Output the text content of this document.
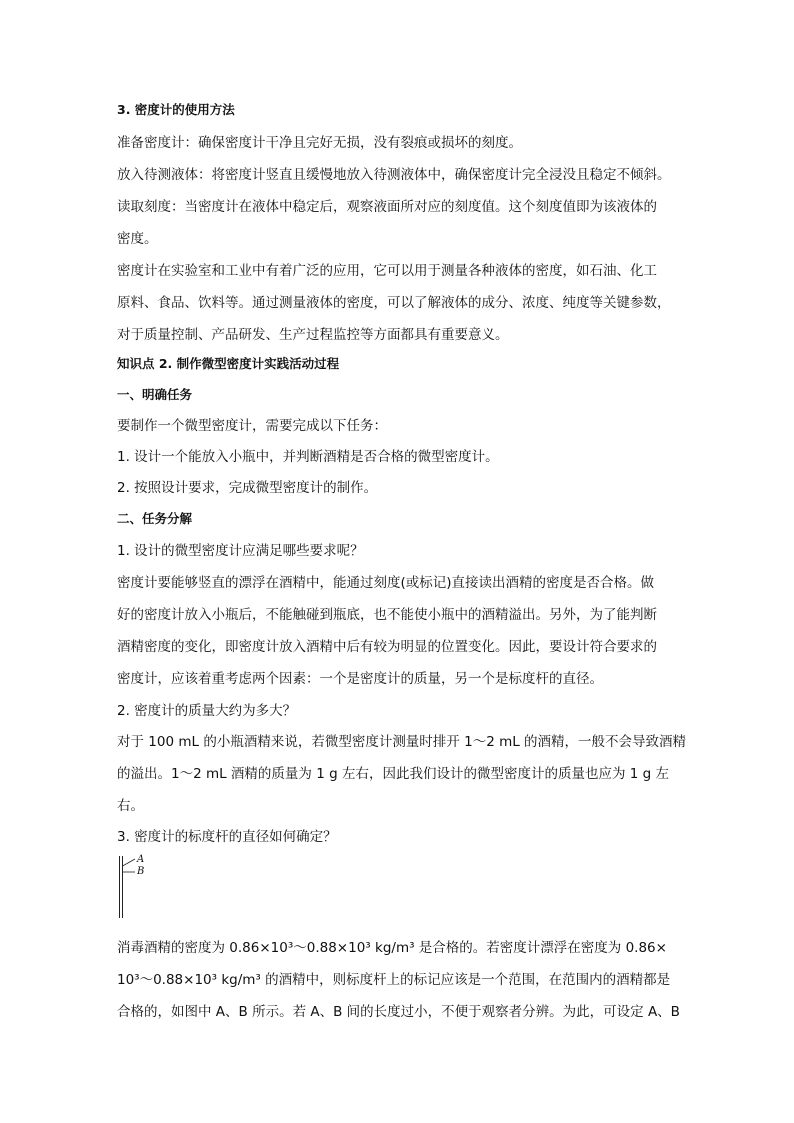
3. 密度计的使用方法
准备密度计：确保密度计干净且完好无损，没有裂痕或损坏的刻度。
放入待测液体：将密度计竖直且缓慢地放入待测液体中，确保密度计完全浸没且稳定不倾斜。
读取刻度：当密度计在液体中稳定后，观察液面所对应的刻度值。这个刻度值即为该液体的
密度。
密度计在实验室和工业中有着广泛的应用，它可以用于测量各种液体的密度，如石油、化工
原料、食品、饮料等。通过测量液体的密度，可以了解液体的成分、浓度、纯度等关键参数，
对于质量控制、产品研发、生产过程监控等方面都具有重要意义。
知识点 2. 制作微型密度计实践活动过程
一、明确任务
要制作一个微型密度计，需要完成以下任务：
1. 设计一个能放入小瓶中，并判断酒精是否合格的微型密度计。
2. 按照设计要求，完成微型密度计的制作。
二、任务分解
1. 设计的微型密度计应满足哪些要求呢？
密度计要能够竖直的漂浮在酒精中，能通过刻度(或标记)直接读出酒精的密度是否合格。做
好的密度计放入小瓶后，不能触碰到瓶底，也不能使小瓶中的酒精溢出。另外，为了能判断
酒精密度的变化，即密度计放入酒精中后有较为明显的位置变化。因此，要设计符合要求的
密度计，应该着重考虑两个因素：一个是密度计的质量，另一个是标度杆的直径。
2. 密度计的质量大约为多大？
对于 100 mL 的小瓶酒精来说，若微型密度计测量时排开 1～2 mL 的酒精，一般不会导致酒精
的溢出。1～2 mL 酒精的质量为 1 g 左右，因此我们设计的微型密度计的质量也应为 1 g 左
右。
3. 密度计的标度杆的直径如何确定？
消毒酒精的密度为 0.86×10³～0.88×10³ kg/m³ 是合格的。若密度计漂浮在密度为 0.86×
10³～0.88×10³ kg/m³ 的酒精中，则标度杆上的标记应该是一个范围，在范围内的酒精都是
合格的，如图中 A、B 所示。若 A、B 间的长度过小，不便于观察者分辨。为此，可设定 A、B
A
B
